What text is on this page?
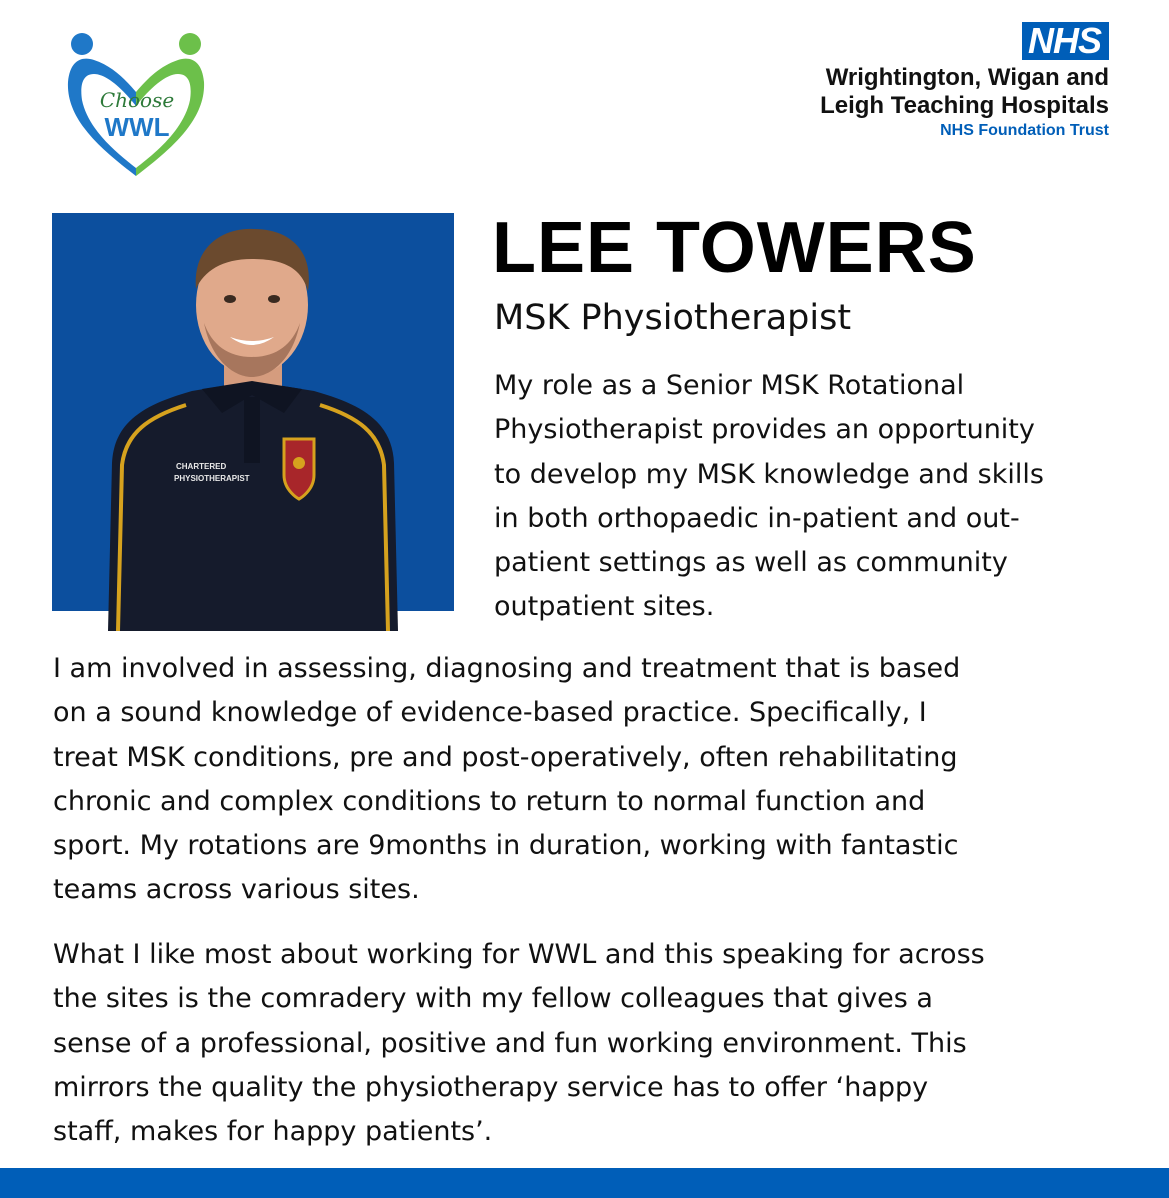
Choose
WWL
NHS
Wrightington, Wigan and
Leigh Teaching Hospitals
NHS Foundation Trust
CHARTERED
PHYSIOTHERAPIST
LEE TOWERS
MSK Physiotherapist
My role as a Senior MSK Rotational
Physiotherapist provides an opportunity
to develop my MSK knowledge and skills
in both orthopaedic in-patient and out-
patient settings as well as community
outpatient sites.
I am involved in assessing, diagnosing and treatment that is based
on a sound knowledge of evidence-based practice. Specifically, I
treat MSK conditions, pre and post-operatively, often rehabilitating
chronic and complex conditions to return to normal function and
sport. My rotations are 9months in duration, working with fantastic
teams across various sites.
What I like most about working for WWL and this speaking for across
the sites is the comradery with my fellow colleagues that gives a
sense of a professional, positive and fun working environment. This
mirrors the quality the physiotherapy service has to offer ‘happy
staff, makes for happy patients’.
